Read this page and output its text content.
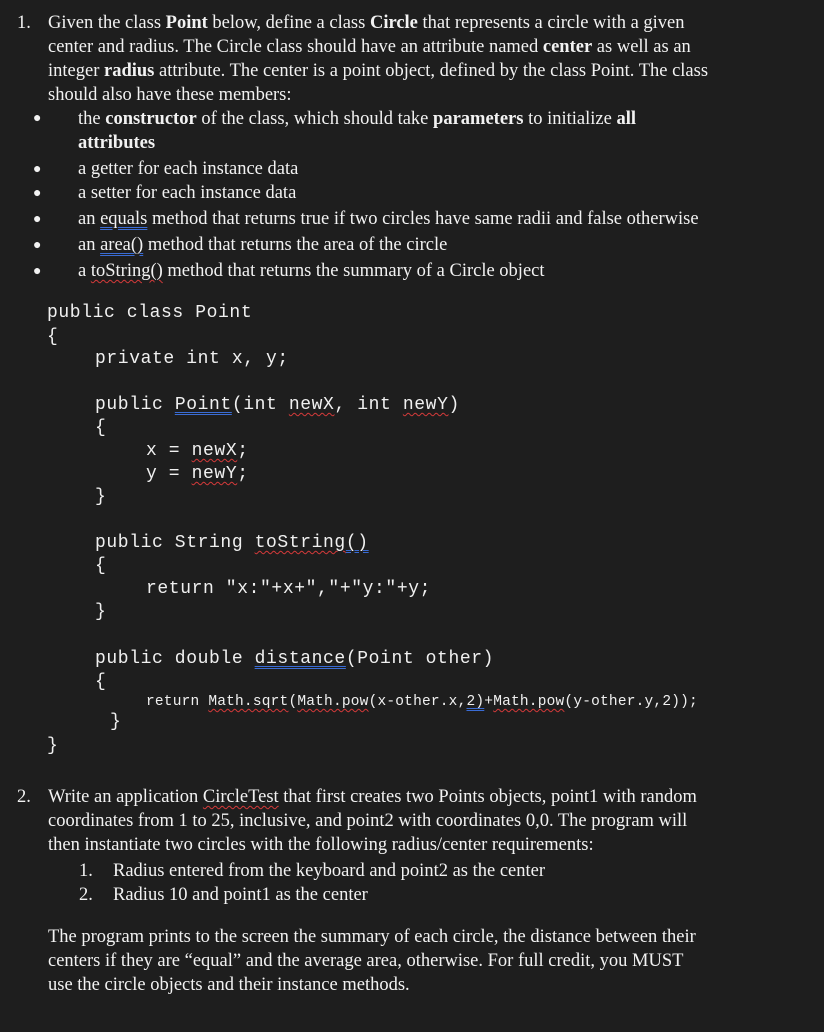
1. Given the class Point below, define a class Circle that represents a circle with a given
center and radius. The Circle class should have an attribute named center as well as an
integer radius attribute. The center is a point object, defined by the class Point. The class
should also have these members:
● the constructor of the class, which should take parameters to initialize all
attributes
● a getter for each instance data
● a setter for each instance data
● an equals method that returns true if two circles have same radii and false otherwise
● an area() method that returns the area of the circle
● a toString() method that returns the summary of a Circle object
public class Point
{
private int x, y;
public Point(int newX, int newY)
{
x = newX;
y = newY;
}
public String toString()
{
return "x:"+x+","+"y:"+y;
}
public double distance(Point other)
{
return Math.sqrt(Math.pow(x-other.x,2)+Math.pow(y-other.y,2));
}
}
2. Write an application CircleTest that first creates two Points objects, point1 with random
coordinates from 1 to 25, inclusive, and point2 with coordinates 0,0. The program will
then instantiate two circles with the following radius/center requirements:
1. Radius entered from the keyboard and point2 as the center
2. Radius 10 and point1 as the center
The program prints to the screen the summary of each circle, the distance between their
centers if they are “equal” and the average area, otherwise. For full credit, you MUST
use the circle objects and their instance methods.
